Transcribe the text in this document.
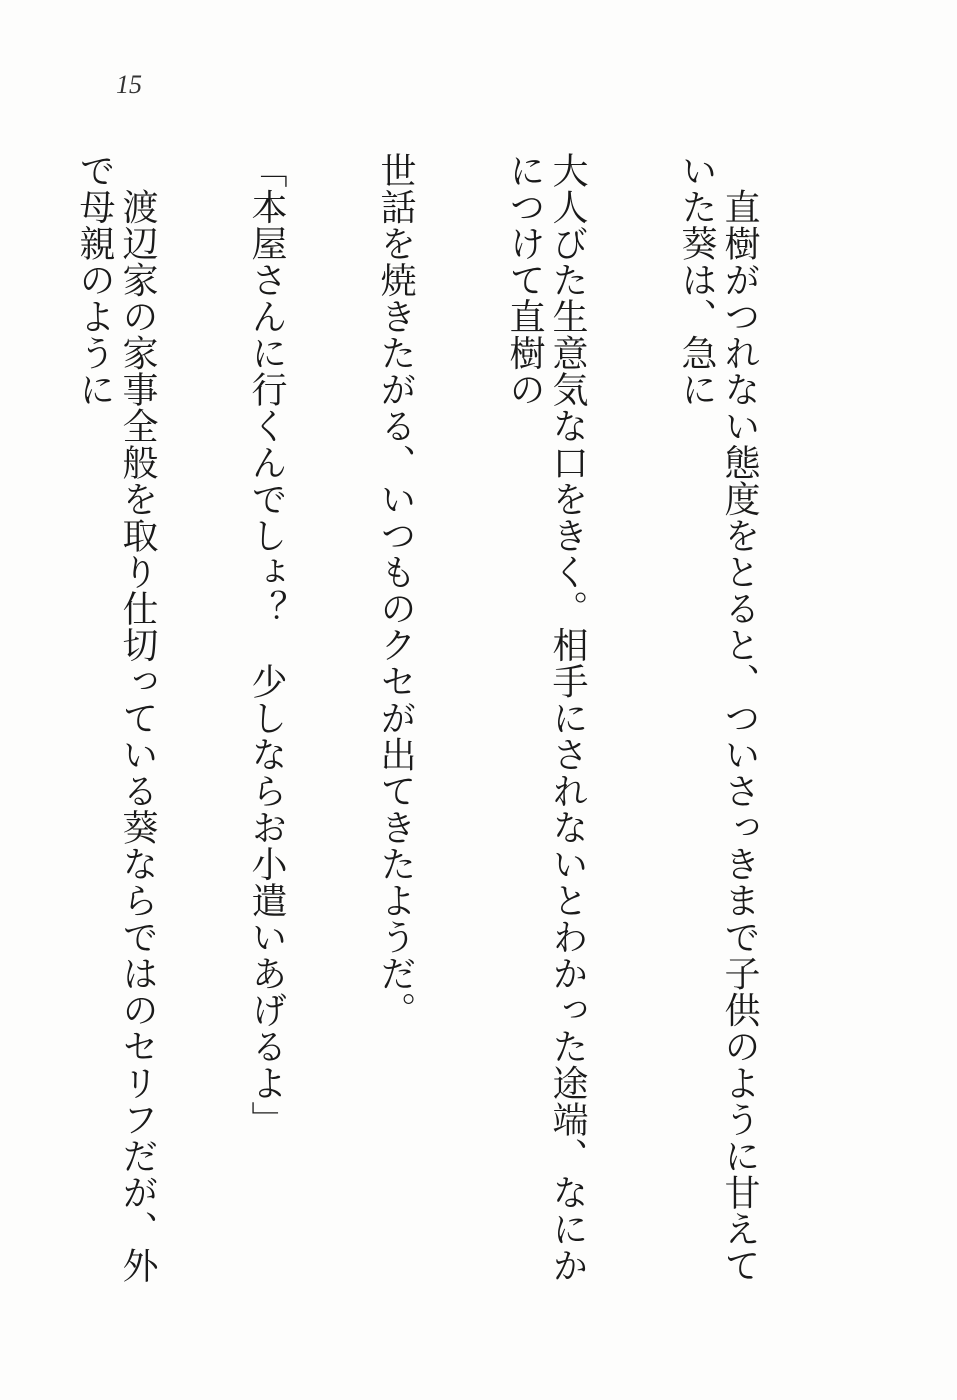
15

　直樹がつれない態度をとると、ついさっきまで子供のように甘えていた葵は、急に

大人びた生意気な口をきく。相手にされないとわかった途端、なにかにつけて直樹の

世話を焼きたがる、いつものクセが出てきたようだ。

「本屋さんに行くんでしょ？　少しならお小遣いあげるよ」

　渡辺家の家事全般を取り仕切っている葵ならではのセリフだが、外で母親のように
